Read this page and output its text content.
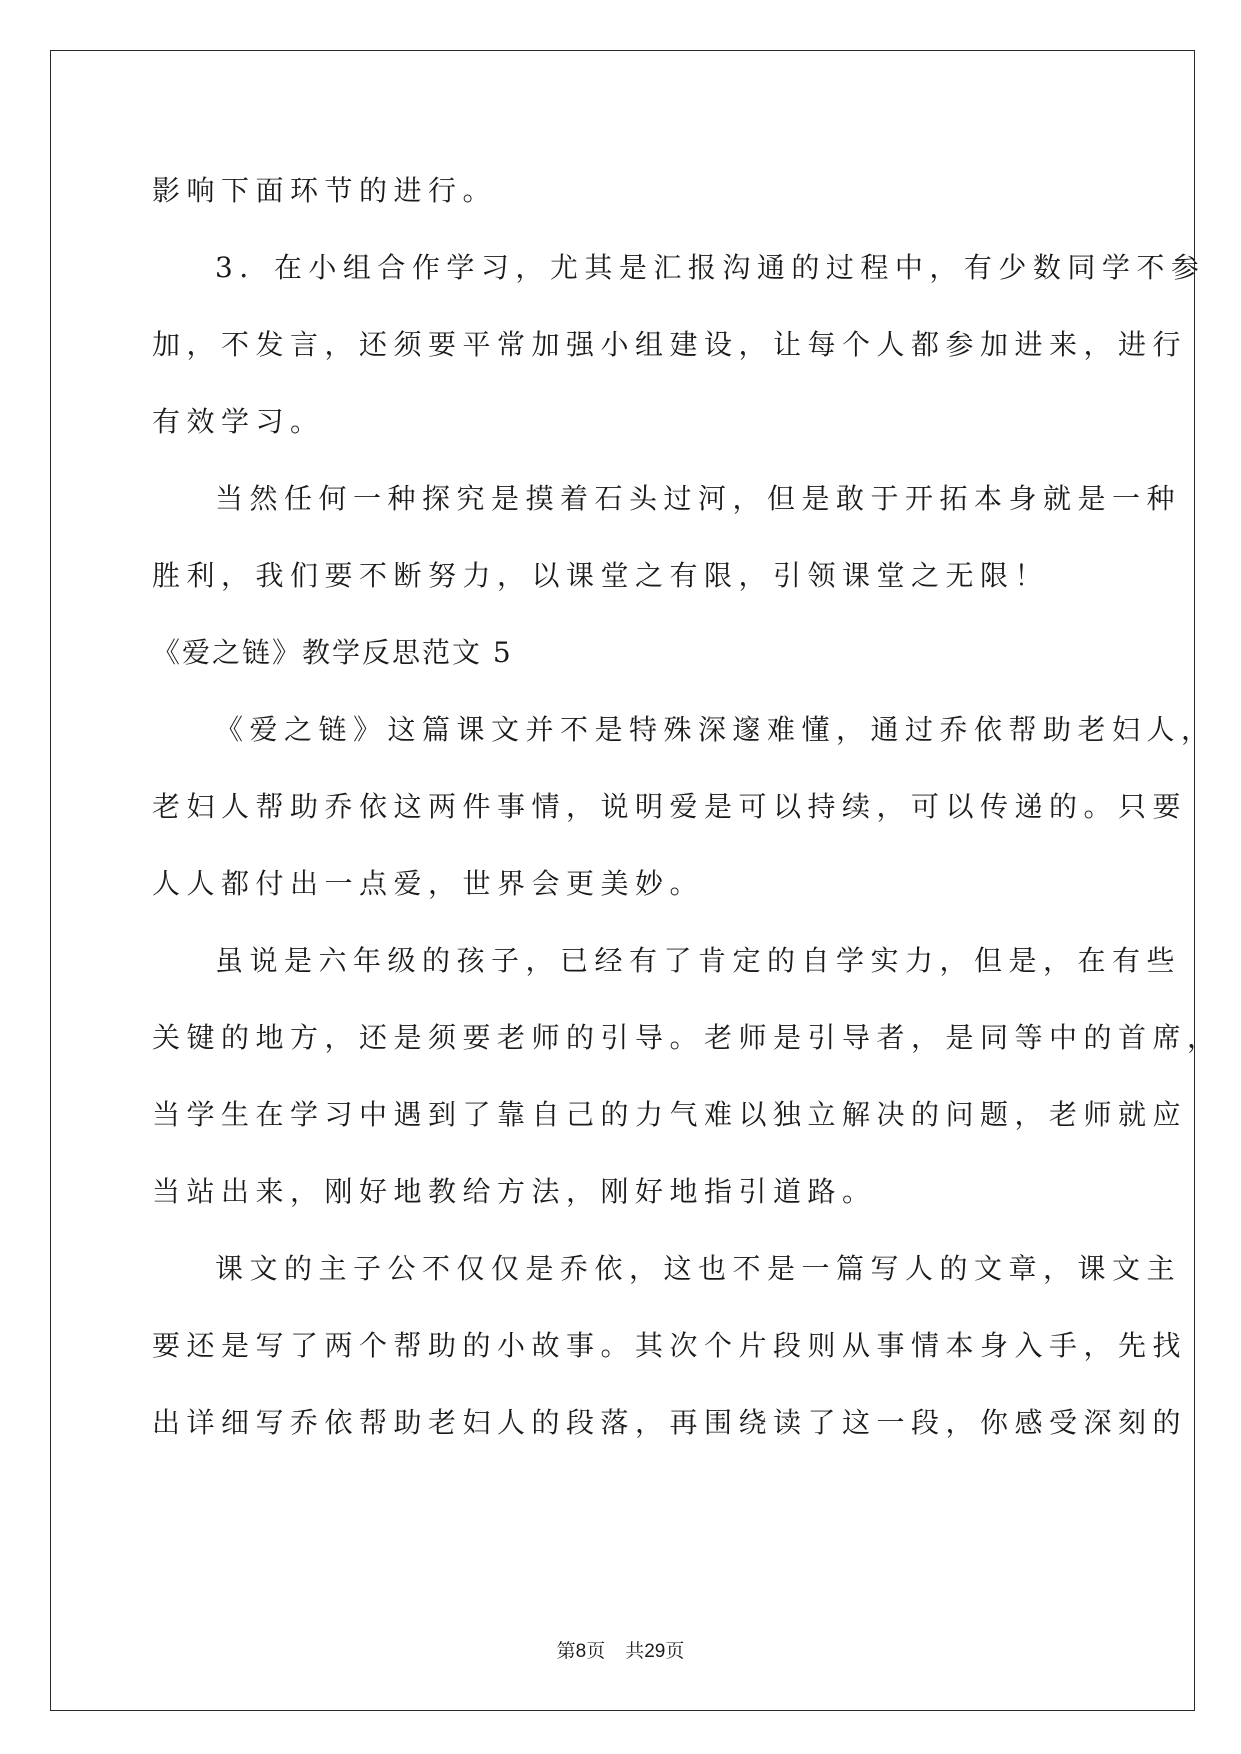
影响下面环节的进行。
3．在小组合作学习，尤其是汇报沟通的过程中，有少数同学不参
加，不发言，还须要平常加强小组建设，让每个人都参加进来，进行
有效学习。
当然任何一种探究是摸着石头过河，但是敢于开拓本身就是一种
胜利，我们要不断努力，以课堂之有限，引领课堂之无限！
《爱之链》教学反思范文 5
《爱之链》这篇课文并不是特殊深邃难懂，通过乔依帮助老妇人，
老妇人帮助乔依这两件事情，说明爱是可以持续，可以传递的。只要
人人都付出一点爱，世界会更美妙。
虽说是六年级的孩子，已经有了肯定的自学实力，但是，在有些
关键的地方，还是须要老师的引导。老师是引导者，是同等中的首席，
当学生在学习中遇到了靠自己的力气难以独立解决的问题，老师就应
当站出来，刚好地教给方法，刚好地指引道路。
课文的主子公不仅仅是乔依，这也不是一篇写人的文章，课文主
要还是写了两个帮助的小故事。其次个片段则从事情本身入手，先找
出详细写乔依帮助老妇人的段落，再围绕读了这一段，你感受深刻的
第8页 共29页
